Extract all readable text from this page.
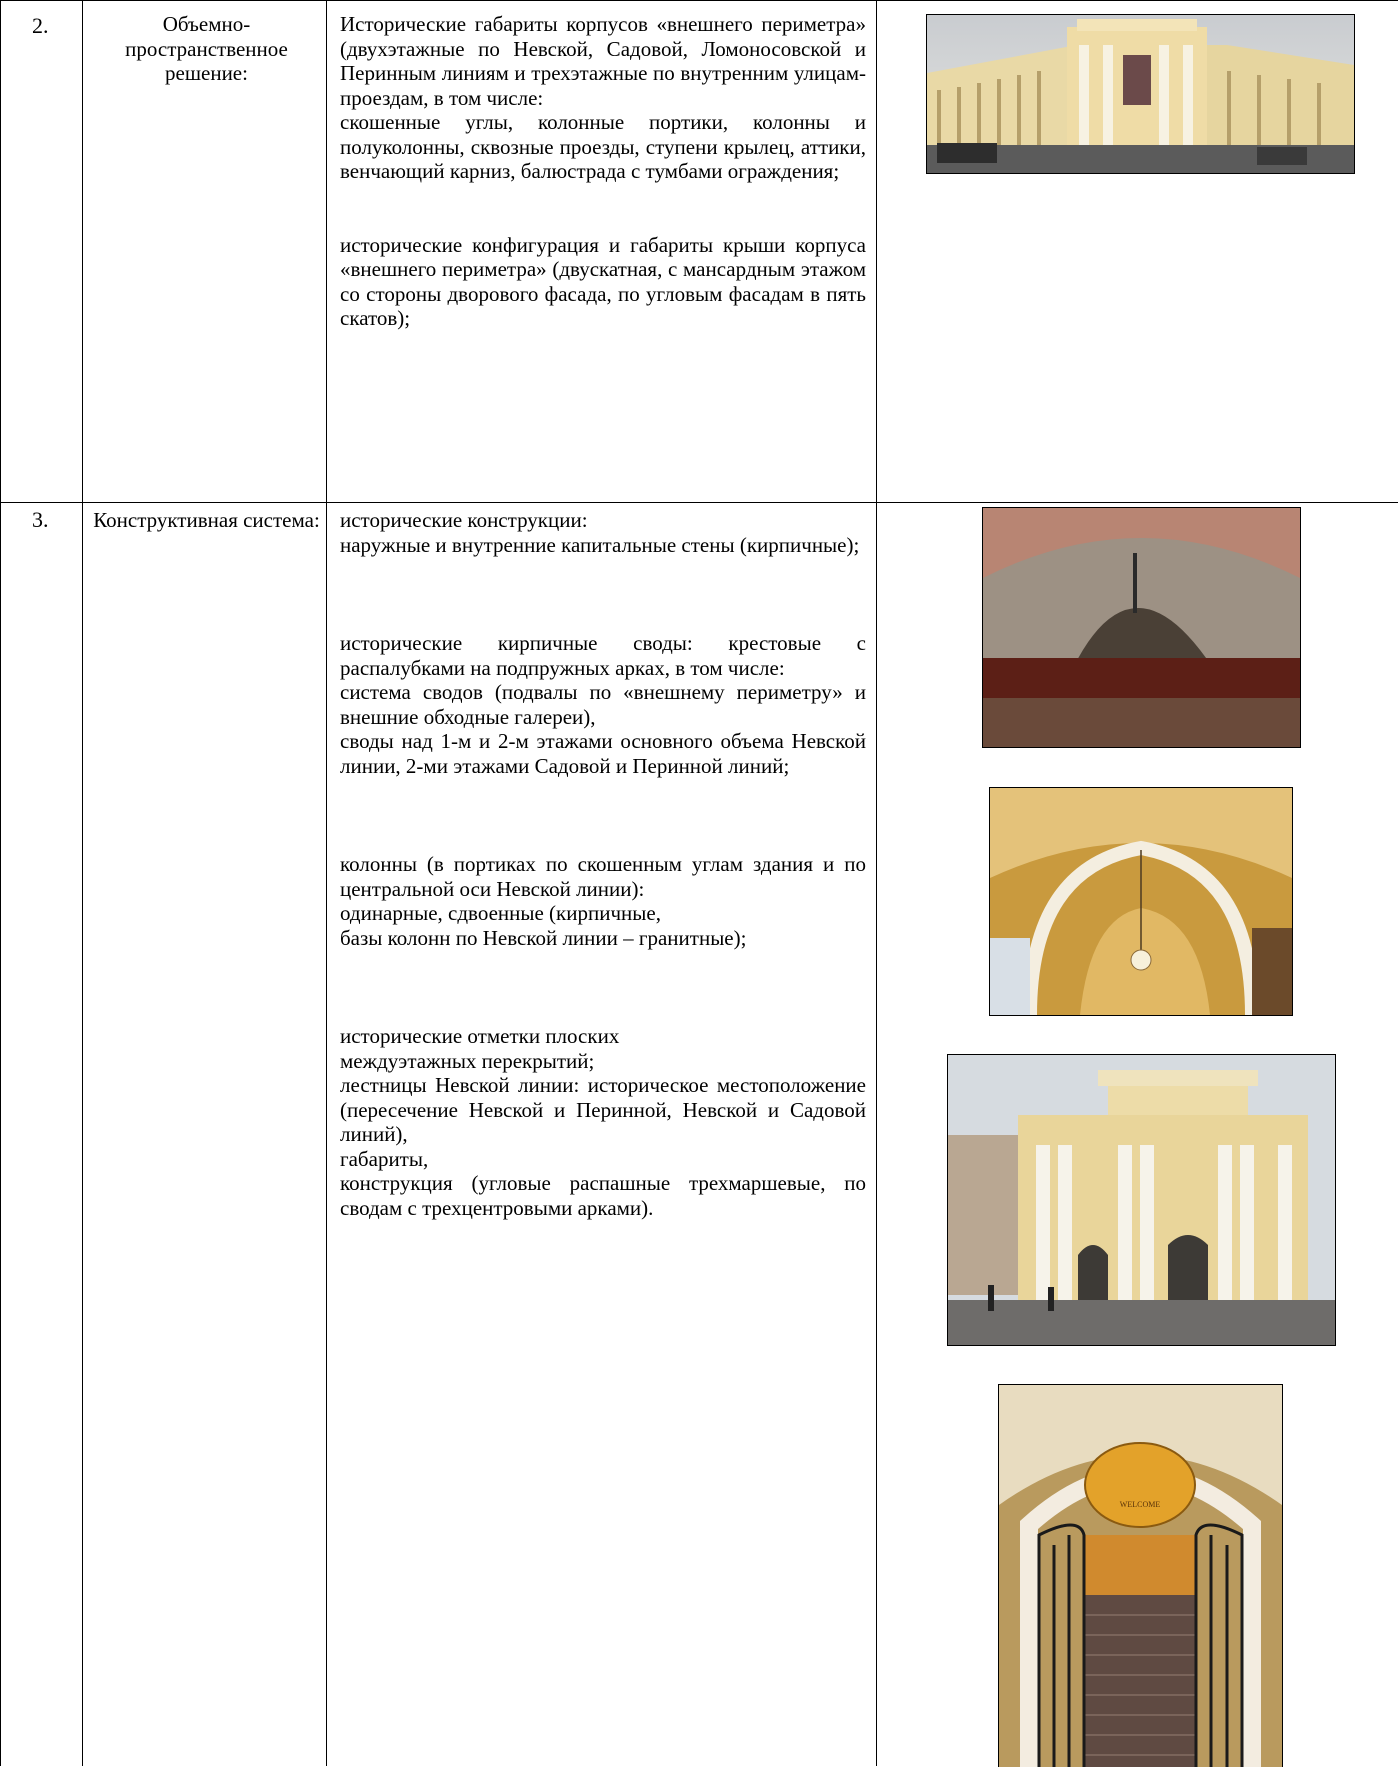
2.	Объемно-пространственное решение:

Исторические габариты корпусов «внешнего периметра» (двухэтажные по Невской, Садовой, Ломоносовской и Перинным линиям и трехэтажные по внутренним улицам-проездам, в том числе:

скошенные углы, колонные портики, колонны и полуколонны, сквозные проезды, ступени крылец, аттики, венчающий карниз, балюстрада с тумбами ограждения;

исторические конфигурация и габариты крыши корпуса «внешнего периметра» (двускатная, с мансардным этажом со стороны дворового фасада, по угловым фасадам в пять скатов);

3. Конструктивная система: исторические конструкции:

наружные и внутренние капитальные стены (кирпичные);

исторические кирпичные своды: крестовые с распалубками на подпружных арках, в том числе:

система сводов (подвалы по «внешнему периметру» и внешние обходные галереи),

своды над 1-м и 2-м этажами основного объема Невской линии, 2-ми этажами Садовой и Перинной линий;

колонны (в портиках по скошенным углам здания и по центральной оси Невской линии):

одинарные, сдвоенные (кирпичные,

базы колонн по Невской линии – гранитные);

исторические отметки плоских

междуэтажных перекрытий;

лестницы Невской линии: историческое местоположение (пересечение Невской и Перинной, Невской и Садовой линий),

габариты,

конструкция (угловые распашные трехмаршевые, по сводам с трехцентровыми арками).

WELCOME
